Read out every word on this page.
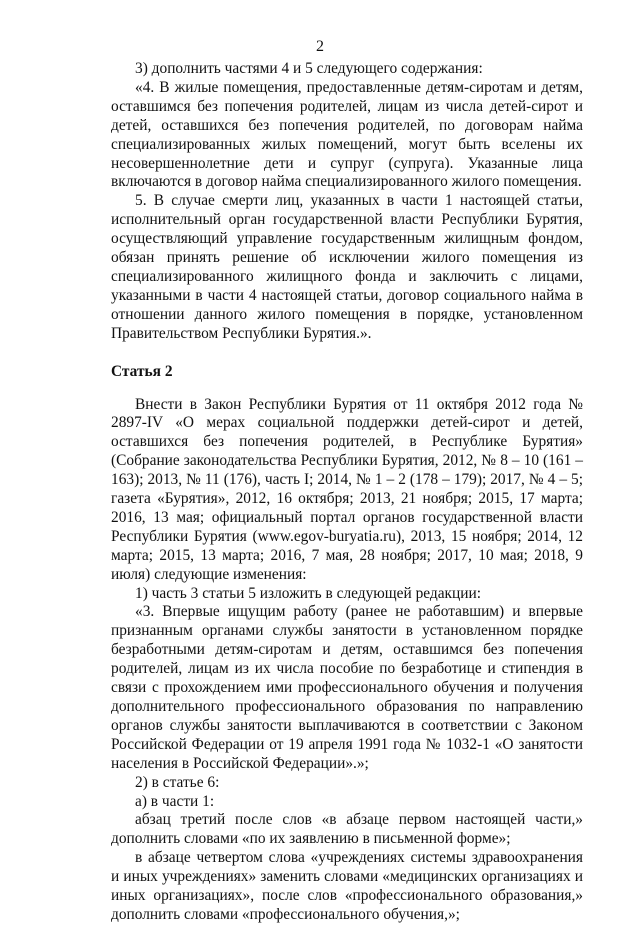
2

3) дополнить частями 4 и 5 следующего содержания:

«4. В жилые помещения, предоставленные детям-сиротам и детям, оставшимся без попечения родителей, лицам из числа детей-сирот и детей, оставшихся без попечения родителей, по договорам найма специализированных жилых помещений, могут быть вселены их несовершеннолетние дети и супруг (супруга). Указанные лица включаются в договор найма специализированного жилого помещения.

5. В случае смерти лиц, указанных в части 1 настоящей статьи, исполнительный орган государственной власти Республики Бурятия, осуществляющий управление государственным жилищным фондом, обязан принять решение об исключении жилого помещения из специализированного жилищного фонда и заключить с лицами, указанными в части 4 настоящей статьи, договор социального найма в отношении данного жилого помещения в порядке, установленном Правительством Республики Бурятия.».

Статья 2

Внести в Закон Республики Бурятия от 11 октября 2012 года № 2897-IV «О мерах социальной поддержки детей-сирот и детей, оставшихся без попечения родителей, в Республике Бурятия» (Собрание законодательства Республики Бурятия, 2012, № 8 – 10 (161 – 163); 2013, № 11 (176), часть I; 2014, № 1 – 2 (178 – 179); 2017, № 4 – 5; газета «Бурятия», 2012, 16 октября; 2013, 21 ноября; 2015, 17 марта; 2016, 13 мая; официальный портал органов государственной власти Республики Бурятия (www.egov-buryatia.ru), 2013, 15 ноября; 2014, 12 марта; 2015, 13 марта; 2016, 7 мая, 28 ноября; 2017, 10 мая; 2018, 9 июля) следующие изменения:

1) часть 3 статьи 5 изложить в следующей редакции:

«3. Впервые ищущим работу (ранее не работавшим) и впервые признанным органами службы занятости в установленном порядке безработными детям-сиротам и детям, оставшимся без попечения родителей, лицам из их числа пособие по безработице и стипендия в связи с прохождением ими профессионального обучения и получения дополнительного профессионального образования по направлению органов службы занятости выплачиваются в соответствии с Законом Российской Федерации от 19 апреля 1991 года № 1032-1 «О занятости населения в Российской Федерации».»;

2) в статье 6:

а) в части 1:

абзац третий после слов «в абзаце первом настоящей части,» дополнить словами «по их заявлению в письменной форме»;

в абзаце четвертом слова «учреждениях системы здравоохранения и иных учреждениях» заменить словами «медицинских организациях и иных организациях», после слов «профессионального образования,» дополнить словами «профессионального обучения,»;
